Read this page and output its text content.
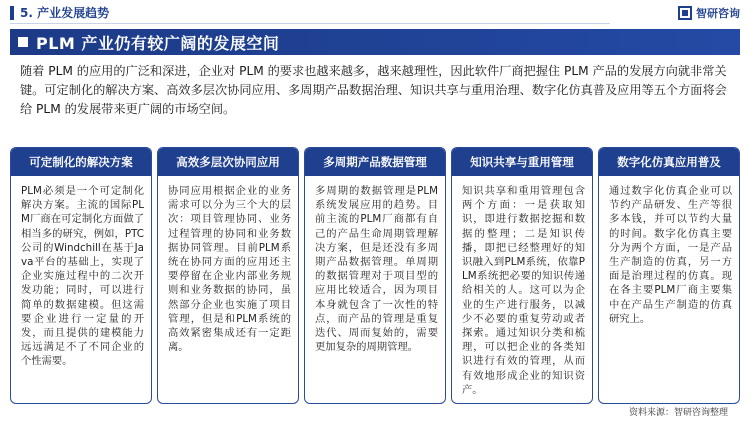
5. 产业发展趋势	智研咨询
PLM 产业仍有较广阔的发展空间

随着 PLM 的应用的广泛和深进，企业对 PLM 的要求也越来越多，越来越理性，因此软件厂商把握住 PLM 产品的发展方向就非常关键。可定制化的解决方案、高效多层次协同应用、多周期产品数据治理、知识共享与重用治理、数字化仿真普及应用等五个方面将会给 PLM 的发展带来更广阔的市场空间。

可定制化的解决方案
PLM必须是一个可定制化解决方案。主流的国际PLM厂商在可定制化方面做了相当多的研究，例如，PTC公司的Windchill在基于Java平台的基础上，实现了企业实施过程中的二次开发功能；同时，可以进行简单的数据建模。但这需要企业进行一定量的开发，而且提供的建模能力远远满足不了不同企业的个性需要。
高效多层次协同应用
协同应用根据企业的业务需求可以分为三个大的层次：项目管理协同、业务过程管理的协同和业务数据协同管理。目前PLM系统在协同方面的应用还主要停留在企业内部业务规则和业务数据的协同，虽然部分企业也实施了项目管理，但是和PLM系统的高效紧密集成还有一定距离。
多周期产品数据管理
多周期的数据管理是PLM系统发展应用的趋势。目前主流的PLM厂商都有自己的产品生命周期管理解决方案，但是还没有多周期产品数据管理。单周期的数据管理对于项目型的应用比较适合，因为项目本身就包含了一次性的特点，而产品的管理是重复迭代、周而复始的，需要更加复杂的周期管理。
知识共享与重用管理
知识共享和重用管理包含两个方面：一是获取知识，即进行数据挖掘和数据的整理；二是知识传播，即把已经整理好的知识融入到PLM系统，依靠PLM系统把必要的知识传递给相关的人。这可以为企业的生产进行服务，以减少不必要的重复劳动或者探索。通过知识分类和梳理，可以把企业的各类知识进行有效的管理，从而有效地形成企业的知识资产。
数字化仿真应用普及
通过数字化仿真企业可以节约产品研发、生产等很多本钱，并可以节约大量的时间。数字化仿真主要分为两个方面，一是产品生产制造的仿真，另一方面是治理过程的仿真。现在各主要PLM厂商主要集中在产品生产制造的仿真研究上。
资料来源：智研咨询整理
